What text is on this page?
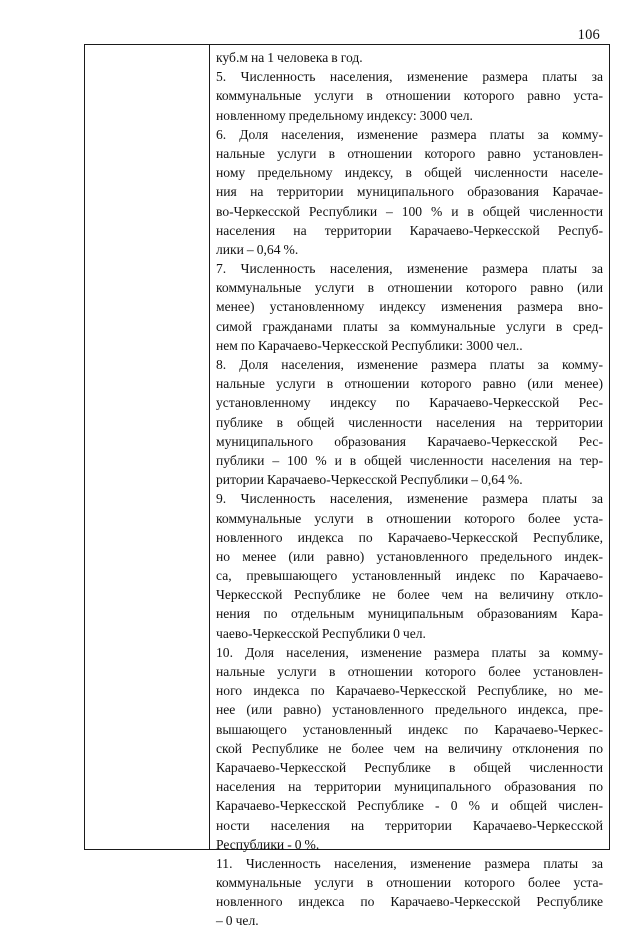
106
куб.м на 1 человека в год.
5. Численность населения, изменение размера платы за
коммунальные услуги в отношении которого равно уста-
новленному предельному индексу: 3000 чел.
6. Доля населения, изменение размера платы за комму-
нальные услуги в отношении которого равно установлен-
ному предельному индексу, в общей численности населе-
ния на территории муниципального образования Карачае-
во-Черкесской Республики – 100 % и в общей численности
населения на территории Карачаево-Черкесской Респуб-
лики – 0,64 %.
7. Численность населения, изменение размера платы за
коммунальные услуги в отношении которого равно (или
менее) установленному индексу изменения размера вно-
симой гражданами платы за коммунальные услуги в сред-
нем по Карачаево-Черкесской Республики: 3000 чел..
8. Доля населения, изменение размера платы за комму-
нальные услуги в отношении которого равно (или менее)
установленному индексу по Карачаево-Черкесской Рес-
публике в общей численности населения на территории
муниципального образования Карачаево-Черкесской Рес-
публики – 100 % и в общей численности населения на тер-
ритории Карачаево-Черкесской Республики – 0,64 %.
9. Численность населения, изменение размера платы за
коммунальные услуги в отношении которого более уста-
новленного индекса по Карачаево-Черкесской Республике,
но менее (или равно) установленного предельного индек-
са, превышающего установленный индекс по Карачаево-
Черкесской Республике не более чем на величину откло-
нения по отдельным муниципальным образованиям Кара-
чаево-Черкесской Республики 0 чел.
10. Доля населения, изменение размера платы за комму-
нальные услуги в отношении которого более установлен-
ного индекса по Карачаево-Черкесской Республике, но ме-
нее (или равно) установленного предельного индекса, пре-
вышающего установленный индекс по Карачаево-Черкес-
ской Республике не более чем на величину отклонения по
Карачаево-Черкесской Республике в общей численности
населения на территории муниципального образования по
Карачаево-Черкесской Республике - 0 % и общей числен-
ности населения на территории Карачаево-Черкесской
Республики - 0 %.
11. Численность населения, изменение размера платы за
коммунальные услуги в отношении которого более уста-
новленного индекса по Карачаево-Черкесской Республике
– 0 чел.
